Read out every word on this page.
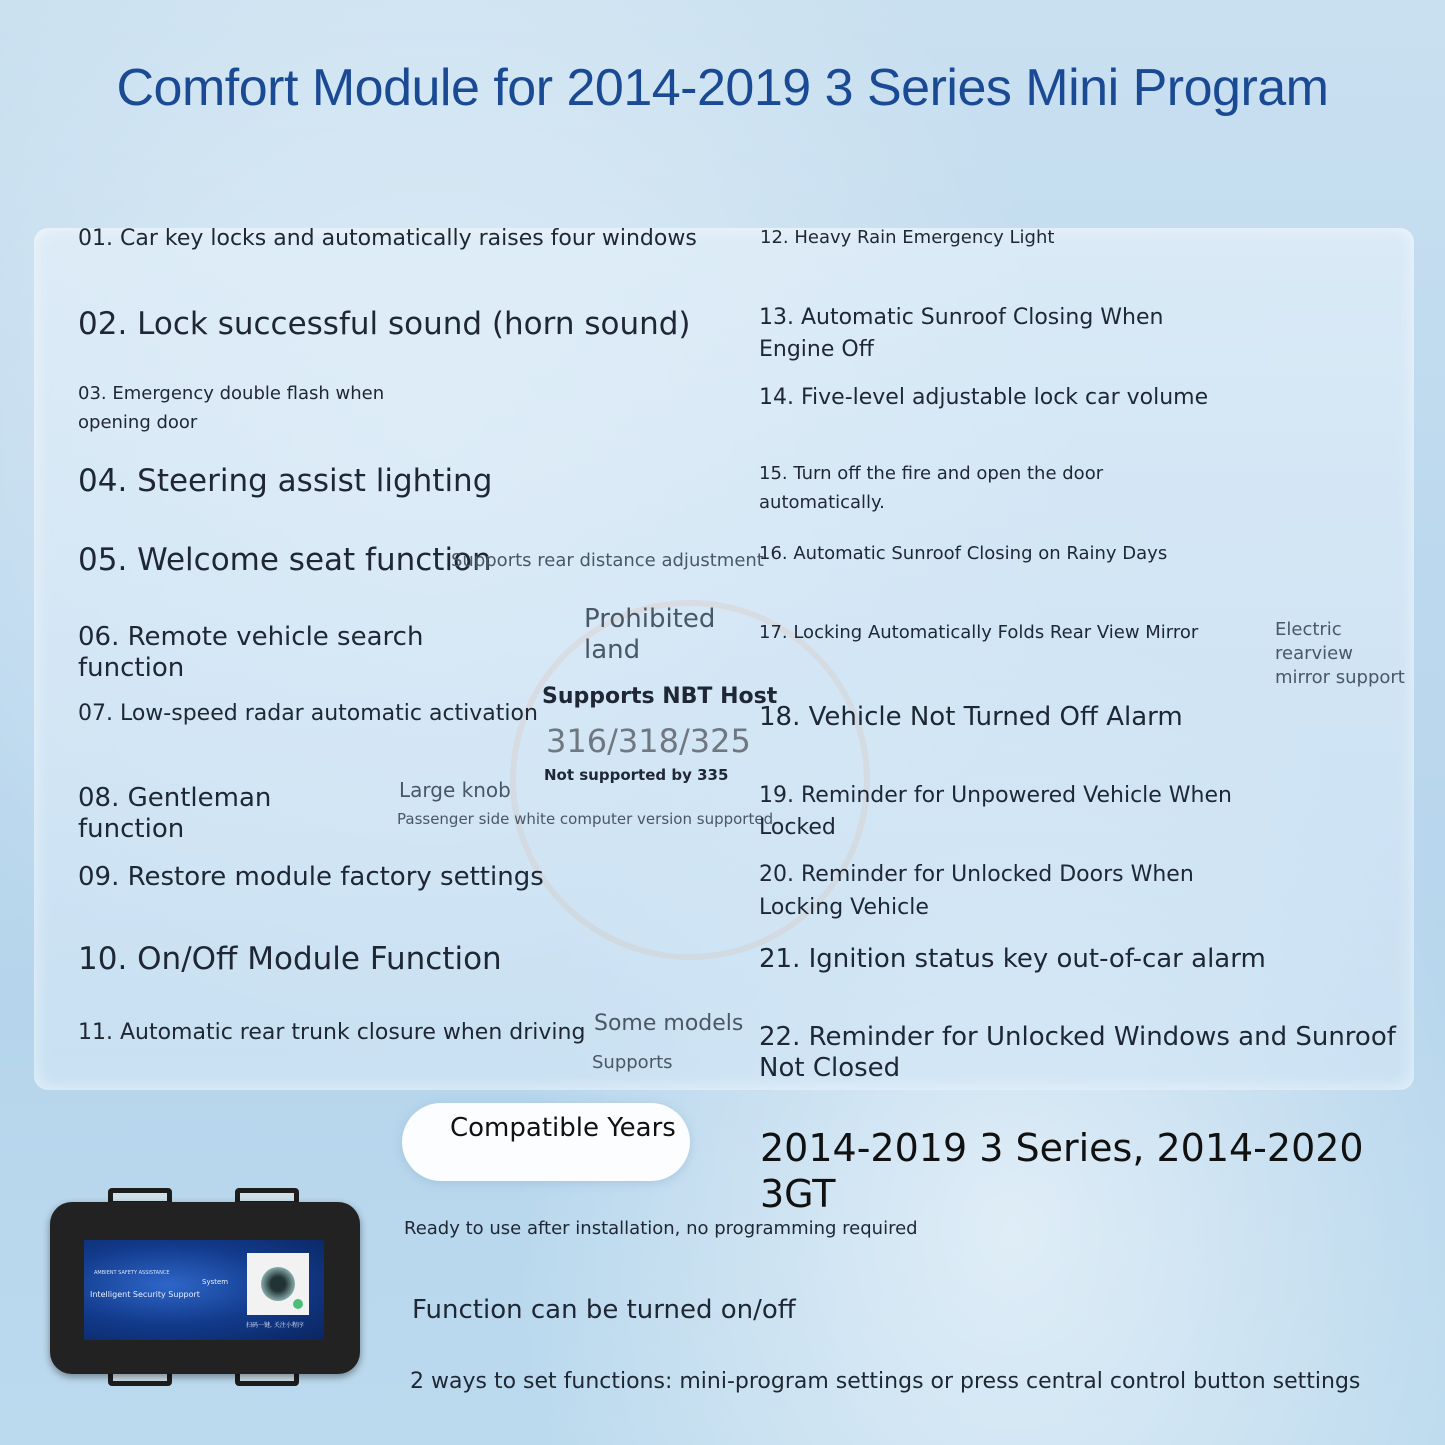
Comfort Module for 2014-2019 3 Series Mini Program
01. Car key locks and automatically raises four windows
02. Lock successful sound (horn sound)
03. Emergency double flash when
opening door
04. Steering assist lighting
05. Welcome seat function
Supports rear distance adjustment
06. Remote vehicle search
function
07. Low-speed radar automatic activation
08. Gentleman
function
09. Restore module factory settings
10. On/Off Module Function
11. Automatic rear trunk closure when driving
Prohibited
land
Supports NBT Host
316/318/325
Not supported by 335
Large knob
Passenger side white computer version supported
Some models
Supports
12. Heavy Rain Emergency Light
13. Automatic Sunroof Closing When
Engine Off
14. Five-level adjustable lock car volume
15. Turn off the fire and open the door
automatically.
16. Automatic Sunroof Closing on Rainy Days
17. Locking Automatically Folds Rear View Mirror	Electric
rearview
mirror support
18. Vehicle Not Turned Off Alarm
19. Reminder for Unpowered Vehicle When
Locked
20. Reminder for Unlocked Doors When
Locking Vehicle
21. Ignition status key out-of-car alarm
22. Reminder for Unlocked Windows and Sunroof
Not Closed
Compatible Years 2014-2019 3 Series, 2014-2020 3GT
AMBIENT SAFETY ASSISTANCE
System
Intelligent Security Support
扫码一键, 关注小程序
Ready to use after installation, no programming required
Function can be turned on/off
2 ways to set functions: mini-program settings or press central control button settings
